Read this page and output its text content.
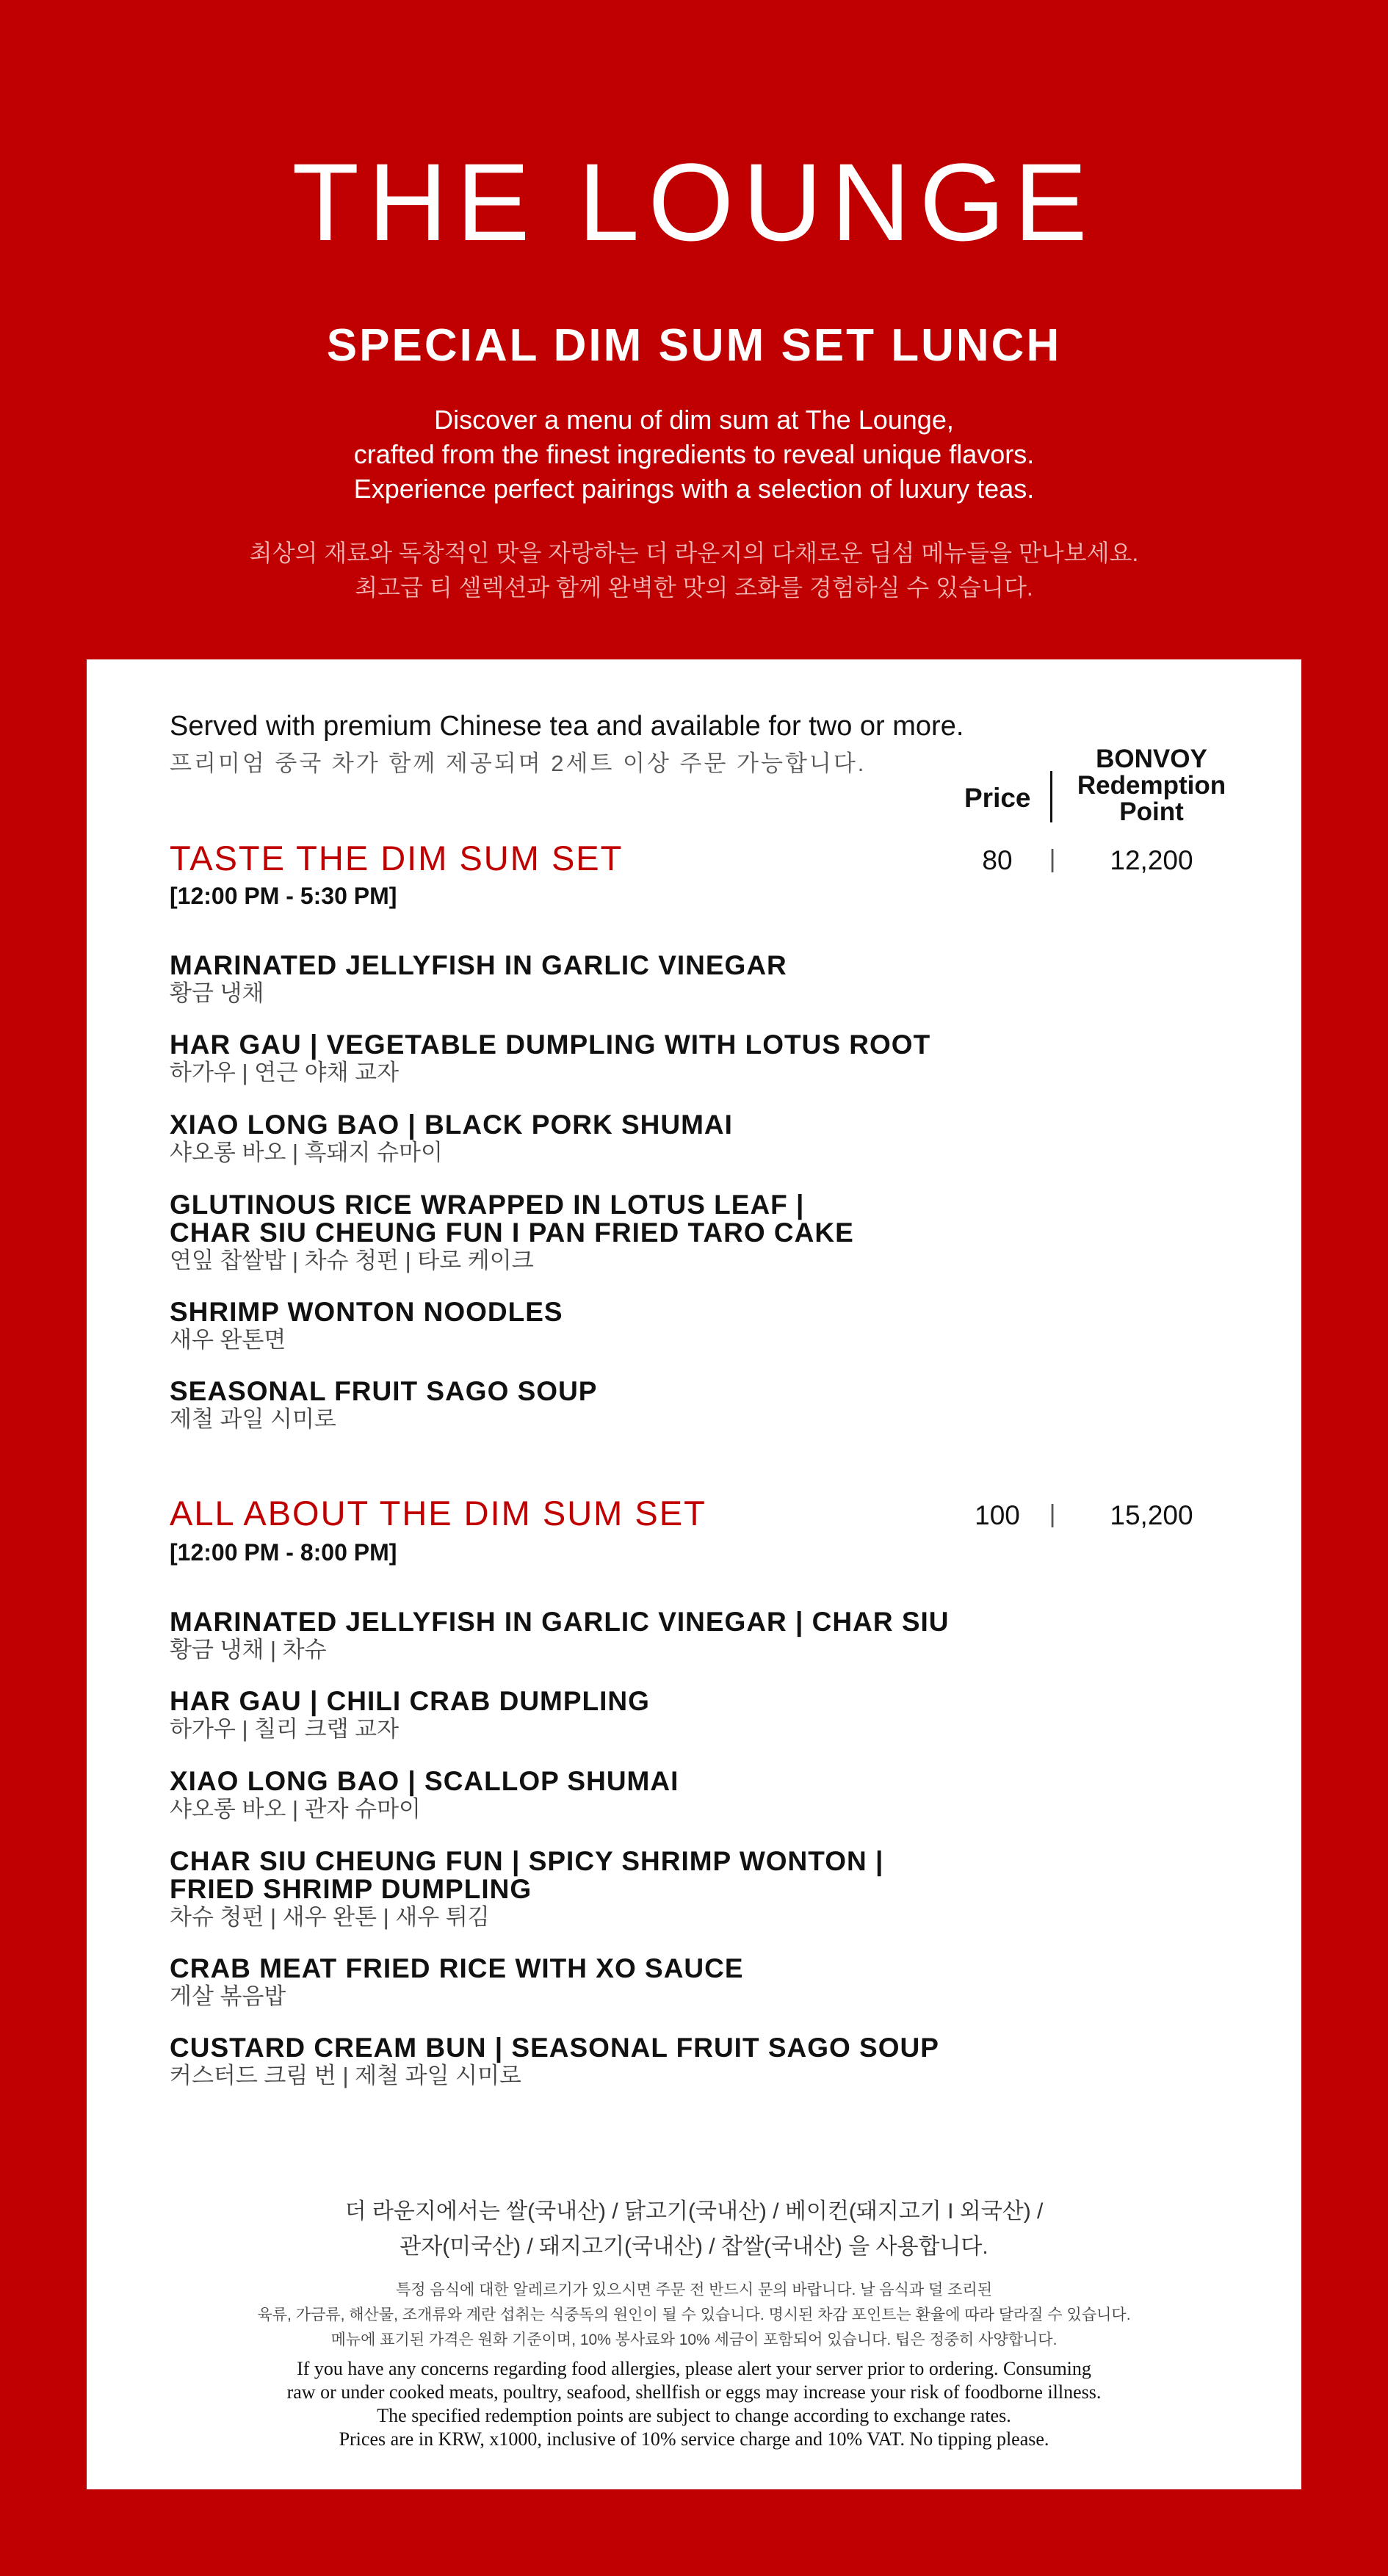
THE LOUNGE
SPECIAL DIM SUM SET LUNCH
Discover a menu of dim sum at The Lounge,
crafted from the finest ingredients to reveal unique flavors.
Experience perfect pairings with a selection of luxury teas.
최상의 재료와 독창적인 맛을 자랑하는 더 라운지의 다채로운 딤섬 메뉴들을 만나보세요.
최고급 티 셀렉션과 함께 완벽한 맛의 조화를 경험하실 수 있습니다.
Served with premium Chinese tea and available for two or more.
프리미엄 중국 차가 함께 제공되며 2세트 이상 주문 가능합니다.
Price
BONVOY
Redemption
Point
TASTE THE DIM SUM SET
[12:00 PM - 5:30 PM]
80	|	12,200
MARINATED JELLYFISH IN GARLIC VINEGAR
황금 냉채
HAR GAU | VEGETABLE DUMPLING WITH LOTUS ROOT
하가우 | 연근 야채 교자
XIAO LONG BAO | BLACK PORK SHUMAI
샤오롱 바오 | 흑돼지 슈마이
GLUTINOUS RICE WRAPPED IN LOTUS LEAF |
CHAR SIU CHEUNG FUN I PAN FRIED TARO CAKE
연잎 찹쌀밥 | 차슈 청펀 | 타로 케이크
SHRIMP WONTON NOODLES
새우 완톤면
SEASONAL FRUIT SAGO SOUP
제철 과일 시미로
ALL ABOUT THE DIM SUM SET
[12:00 PM - 8:00 PM]
100	|	15,200
MARINATED JELLYFISH IN GARLIC VINEGAR | CHAR SIU
황금 냉채 | 차슈
HAR GAU | CHILI CRAB DUMPLING
하가우 | 칠리 크랩 교자
XIAO LONG BAO | SCALLOP SHUMAI
샤오롱 바오 | 관자 슈마이
CHAR SIU CHEUNG FUN | SPICY SHRIMP WONTON |
FRIED SHRIMP DUMPLING
차슈 청펀 | 새우 완톤 | 새우 튀김
CRAB MEAT FRIED RICE WITH XO SAUCE
게살 볶음밥
CUSTARD CREAM BUN | SEASONAL FRUIT SAGO SOUP
커스터드 크림 번 | 제철 과일 시미로
더 라운지에서는 쌀(국내산) / 닭고기(국내산) / 베이컨(돼지고기 I 외국산) /
관자(미국산) / 돼지고기(국내산) / 찹쌀(국내산) 을 사용합니다.
특정 음식에 대한 알레르기가 있으시면 주문 전 반드시 문의 바랍니다. 날 음식과 덜 조리된
육류, 가금류, 해산물, 조개류와 계란 섭취는 식중독의 원인이 될 수 있습니다. 명시된 차감 포인트는 환율에 따라 달라질 수 있습니다.
메뉴에 표기된 가격은 원화 기준이며, 10% 봉사료와 10% 세금이 포함되어 있습니다. 팁은 정중히 사양합니다.
If you have any concerns regarding food allergies, please alert your server prior to ordering. Consuming
raw or under cooked meats, poultry, seafood, shellfish or eggs may increase your risk of foodborne illness.
The specified redemption points are subject to change according to exchange rates.
Prices are in KRW, x1000, inclusive of 10% service charge and 10% VAT. No tipping please.
